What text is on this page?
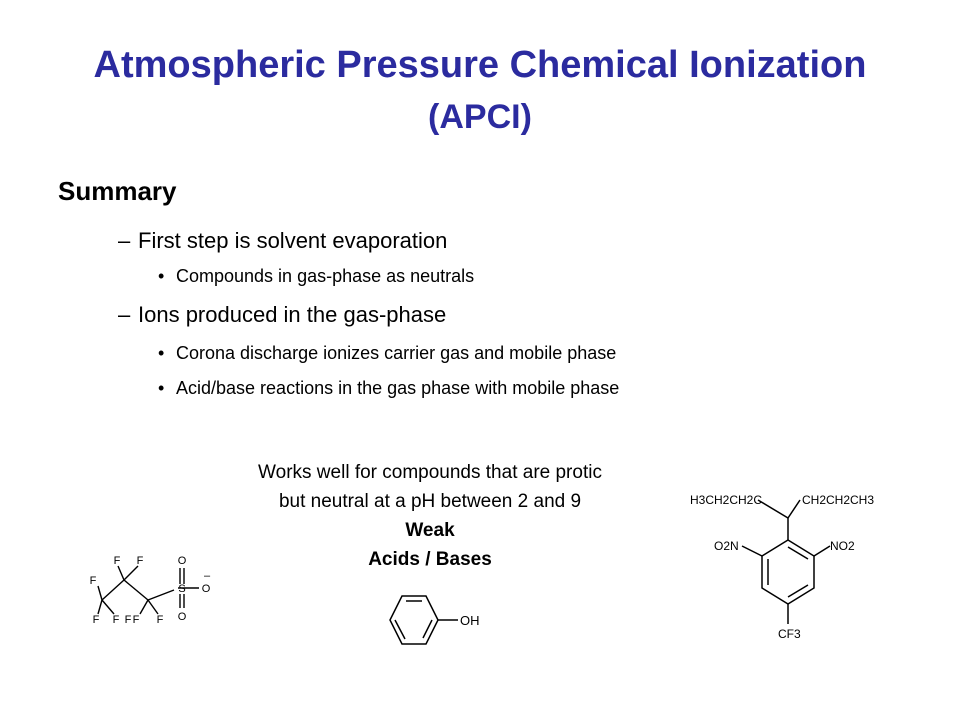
Atmospheric Pressure Chemical Ionization
(APCI)
Summary
– First step is solvent evaporation
• Compounds in gas-phase as neutrals
– Ions produced in the gas-phase
• Corona discharge ionizes carrier gas and mobile phase
• Acid/base reactions in the gas phase with mobile phase
Works well for compounds that are protic
but neutral at a pH between 2 and 9
Weak
Acids / Bases
F
F F
F F F F
F
S
O
O
O
–
OH
H3CH2CH2C	CH2CH2CH3
O2N	NO2
CF3
